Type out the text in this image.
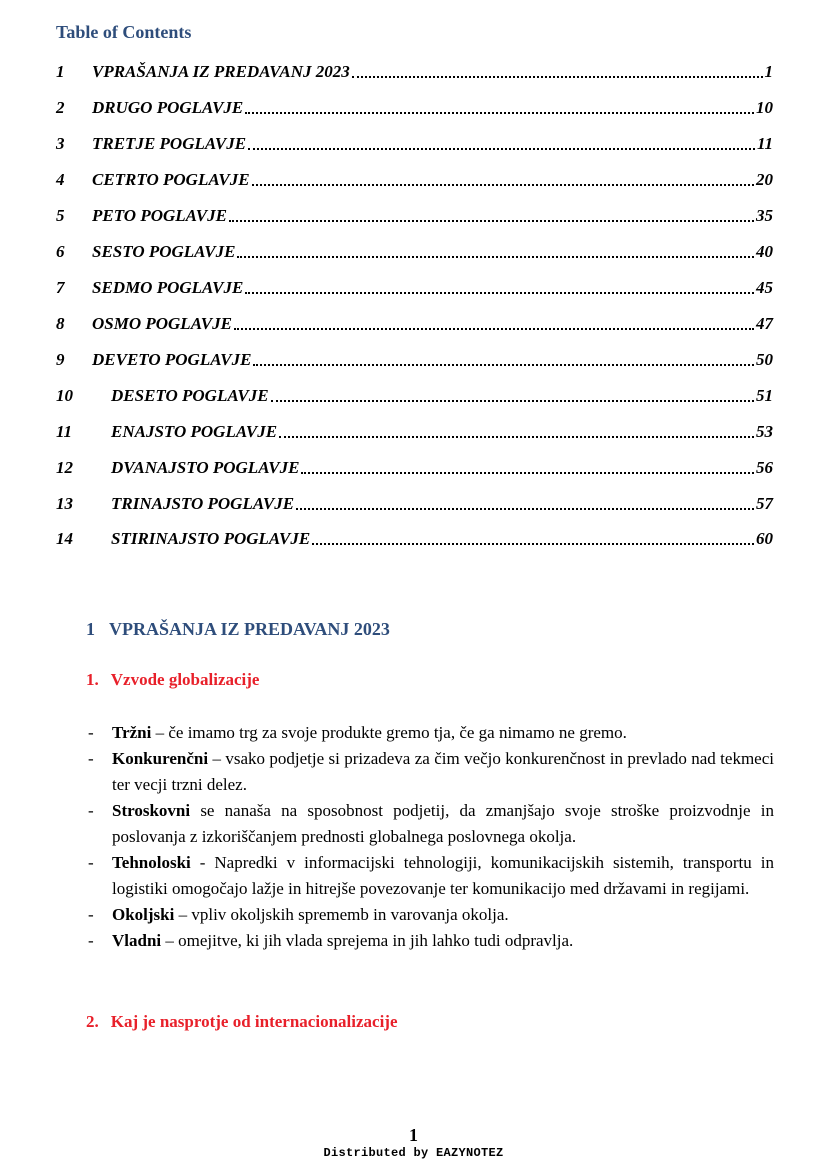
Table of Contents
1	VPRAŠANJA IZ PREDAVANJ 2023	1
2	DRUGO POGLAVJE	10
3	TRETJE POGLAVJE	11
4	CETRTO POGLAVJE	20
5	PETO POGLAVJE	35
6	SESTO POGLAVJE	40
7	SEDMO POGLAVJE	45
8	OSMO POGLAVJE	47
9	DEVETO POGLAVJE	50
10	DESETO POGLAVJE	51
11	ENAJSTO POGLAVJE	53
12	DVANAJSTO POGLAVJE	56
13	TRINAJSTO POGLAVJE	57
14	STIRINAJSTO POGLAVJE	60
1 VPRAŠANJA IZ PREDAVANJ 2023
1. Vzvode globalizacije
- Tržni – če imamo trg za svoje produkte gremo tja, če ga nimamo ne gremo.
- Konkurenčni – vsako podjetje si prizadeva za čim večjo konkurenčnost in prevlado nad tekmeci ter vecji trzni delez.
- Stroskovni se nanaša na sposobnost podjetij, da zmanjšajo svoje stroške proizvodnje in poslovanja z izkoriščanjem prednosti globalnega poslovnega okolja.
- Tehnoloski - Napredki v informacijski tehnologiji, komunikacijskih sistemih, transportu in logistiki omogočajo lažje in hitrejše povezovanje ter komunikacijo med državami in regijami.
- Okoljski – vpliv okoljskih sprememb in varovanja okolja.
- Vladni – omejitve, ki jih vlada sprejema in jih lahko tudi odpravlja.
2. Kaj je nasprotje od internacionalizacije
1
Distributed by EAZYNOTEZ
